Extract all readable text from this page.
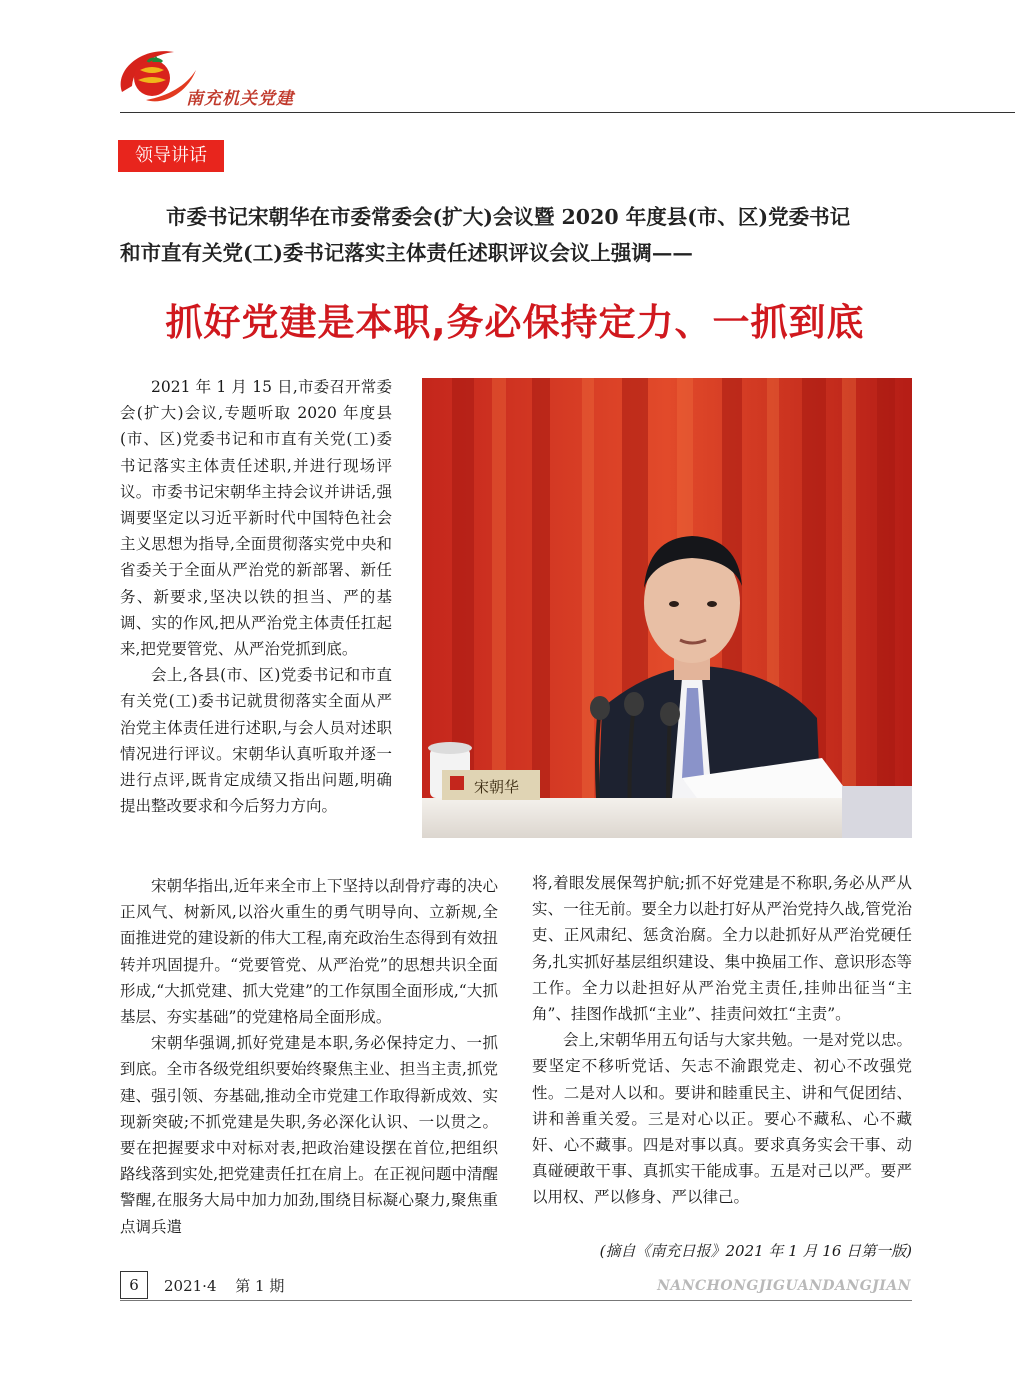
南充机关党建
领导讲话
市委书记宋朝华在市委常委会(扩大)会议暨 2020 年度县(市、区)党委书记
和市直有关党(工)委书记落实主体责任述职评议会议上强调——
抓好党建是本职,务必保持定力、一抓到底
宋朝华

2021 年 1 月 15 日,市委召开常委会(扩大)会议,专题听取 2020 年度县(市、区)党委书记和市直有关党(工)委书记落实主体责任述职,并进行现场评议。市委书记宋朝华主持会议并讲话,强调要坚定以习近平新时代中国特色社会主义思想为指导,全面贯彻落实党中央和省委关于全面从严治党的新部署、新任务、新要求,坚决以铁的担当、严的基调、实的作风,把从严治党主体责任扛起来,把党要管党、从严治党抓到底。

会上,各县(市、区)党委书记和市直有关党(工)委书记就贯彻落实全面从严治党主体责任进行述职,与会人员对述职情况进行评议。宋朝华认真听取并逐一进行点评,既肯定成绩又指出问题,明确提出整改要求和今后努力方向。

宋朝华指出,近年来全市上下坚持以刮骨疗毒的决心正风气、树新风,以浴火重生的勇气明导向、立新规,全面推进党的建设新的伟大工程,南充政治生态得到有效扭转并巩固提升。“党要管党、从严治党”的思想共识全面形成,“大抓党建、抓大党建”的工作氛围全面形成,“大抓基层、夯实基础”的党建格局全面形成。

宋朝华强调,抓好党建是本职,务必保持定力、一抓到底。全市各级党组织要始终聚焦主业、担当主责,抓党建、强引领、夯基础,推动全市党建工作取得新成效、实现新突破;不抓党建是失职,务必深化认识、一以贯之。要在把握要求中对标对表,把政治建设摆在首位,把组织路线落到实处,把党建责任扛在肩上。在正视问题中清醒警醒,在服务大局中加力加劲,围绕目标凝心聚力,聚焦重点调兵遣

将,着眼发展保驾护航;抓不好党建是不称职,务必从严从实、一往无前。要全力以赴打好从严治党持久战,管党治吏、正风肃纪、惩贪治腐。全力以赴抓好从严治党硬任务,扎实抓好基层组织建设、集中换届工作、意识形态等工作。全力以赴担好从严治党主责任,挂帅出征当“主角”、挂图作战抓“主业”、挂责问效扛“主责”。

会上,宋朝华用五句话与大家共勉。一是对党以忠。要坚定不移听党话、矢志不渝跟党走、初心不改强党性。二是对人以和。要讲和睦重民主、讲和气促团结、讲和善重关爱。三是对心以正。要心不藏私、心不藏奸、心不藏事。四是对事以真。要求真务实会干事、动真碰硬敢干事、真抓实干能成事。五是对己以严。要严以用权、严以修身、严以律己。

(摘自《南充日报》2021 年 1 月 16 日第一版)
6	2021·4 第 1 期	NANCHONGJIGUANDANGJIAN
